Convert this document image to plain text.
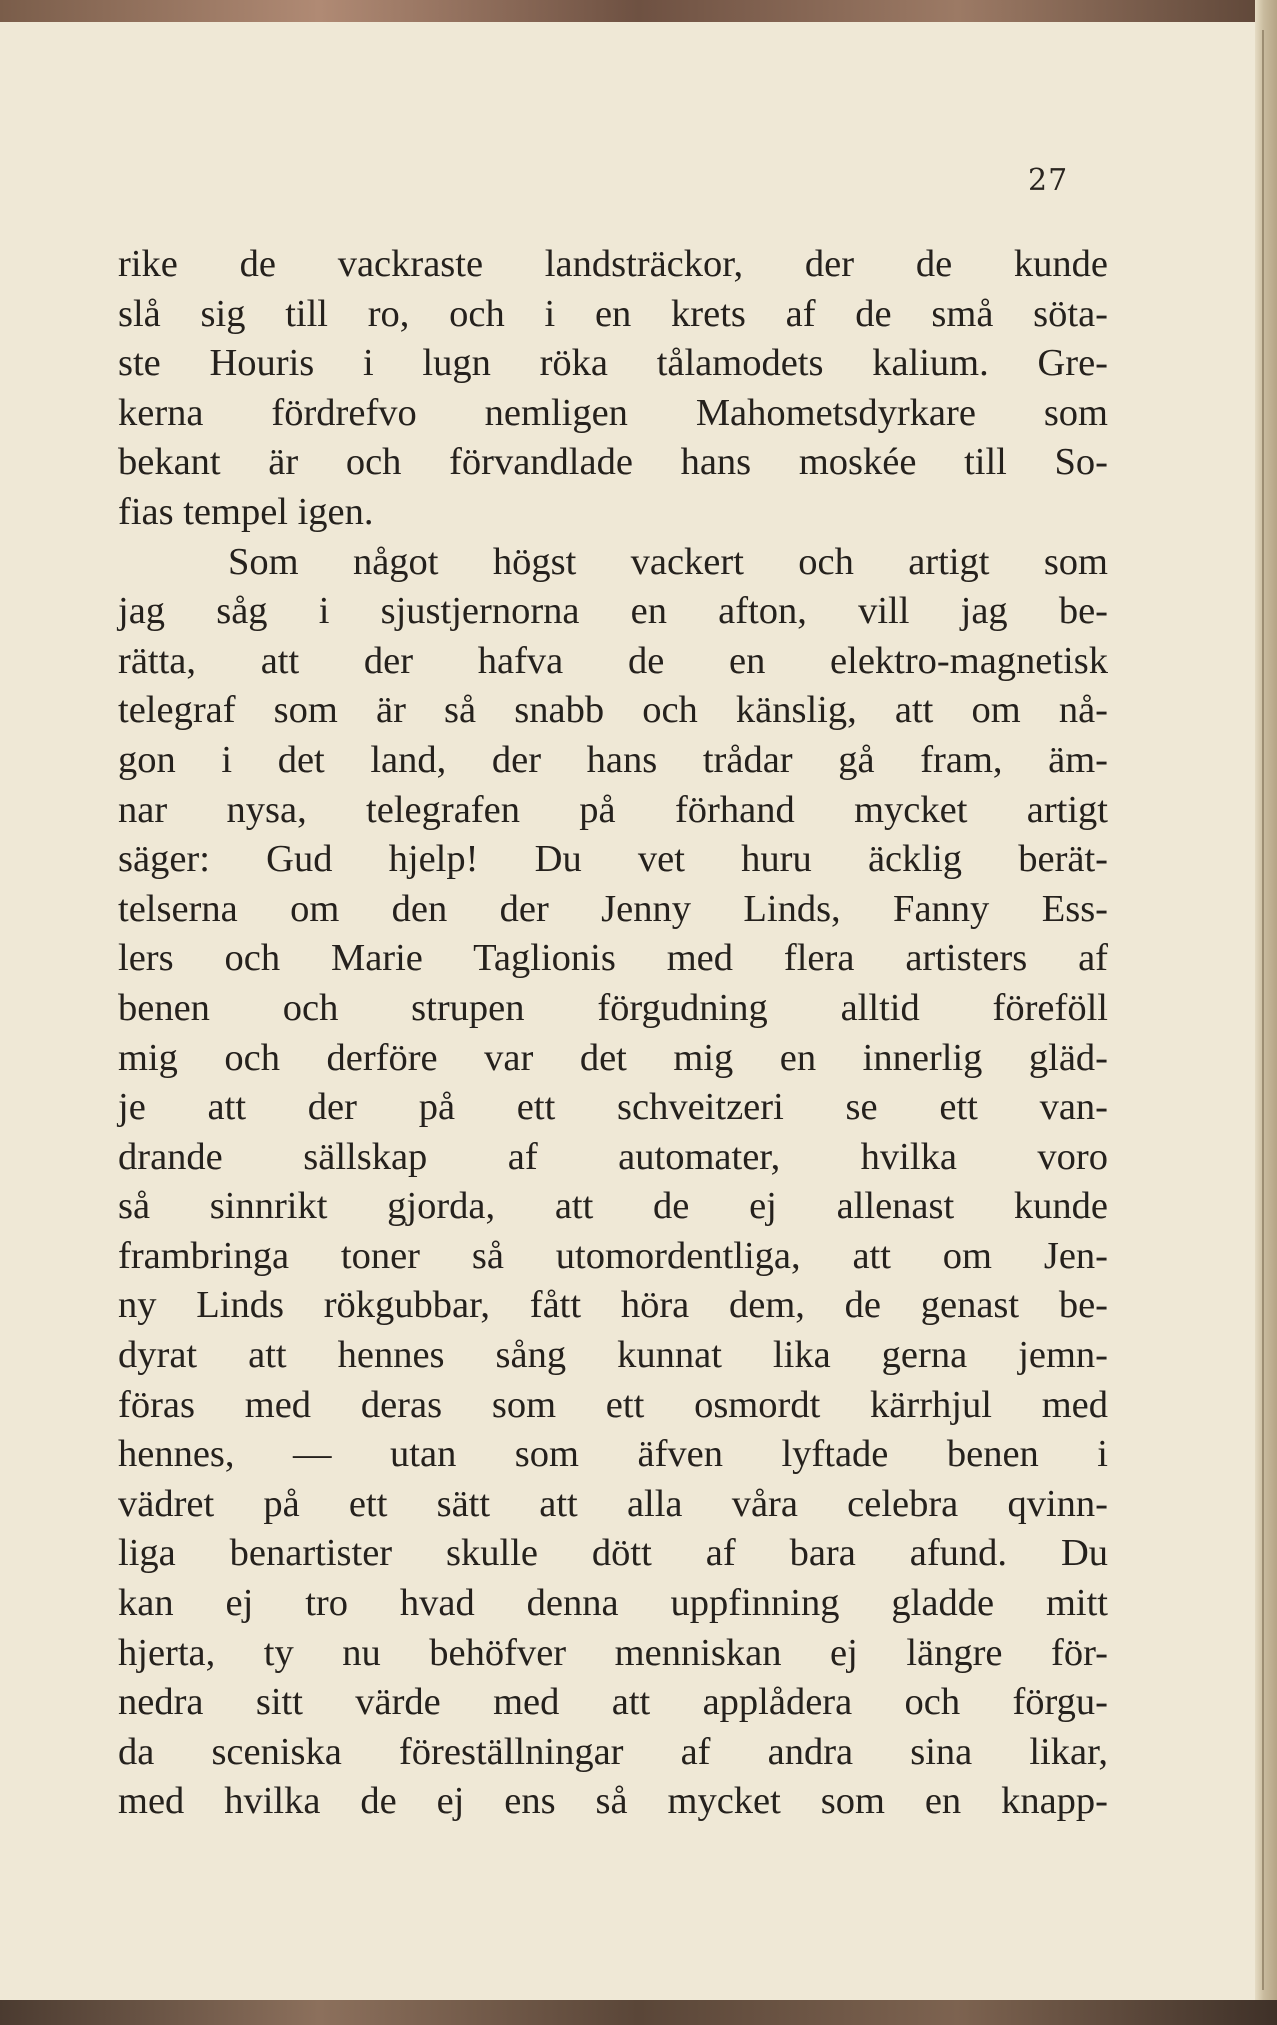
27
rike de vackraste landsträckor, der de kunde
slå sig till ro, och i en krets af de små söta-
ste Houris i lugn röka tålamodets kalium. Gre-
kerna fördrefvo nemligen Mahometsdyrkare som
bekant är och förvandlade hans moskée till So-
fias tempel igen.
Som något högst vackert och artigt som
jag såg i sjustjernorna en afton, vill jag be-
rätta, att der hafva de en elektro-magnetisk
telegraf som är så snabb och känslig, att om nå-
gon i det land, der hans trådar gå fram, äm-
nar nysa, telegrafen på förhand mycket artigt
säger: Gud hjelp! Du vet huru äcklig berät-
telserna om den der Jenny Linds, Fanny Ess-
lers och Marie Taglionis med flera artisters af
benen och strupen förgudning alltid föreföll
mig och derföre var det mig en innerlig gläd-
je att der på ett schveitzeri se ett van-
drande sällskap af automater, hvilka voro
så sinnrikt gjorda, att de ej allenast kunde
frambringa toner så utomordentliga, att om Jen-
ny Linds rökgubbar, fått höra dem, de genast be-
dyrat att hennes sång kunnat lika gerna jemn-
föras med deras som ett osmordt kärrhjul med
hennes, — utan som äfven lyftade benen i
vädret på ett sätt att alla våra celebra qvinn-
liga benartister skulle dött af bara afund. Du
kan ej tro hvad denna uppfinning gladde mitt
hjerta, ty nu behöfver menniskan ej längre för-
nedra sitt värde med att applådera och förgu-
da sceniska föreställningar af andra sina likar,
med hvilka de ej ens så mycket som en knapp-
